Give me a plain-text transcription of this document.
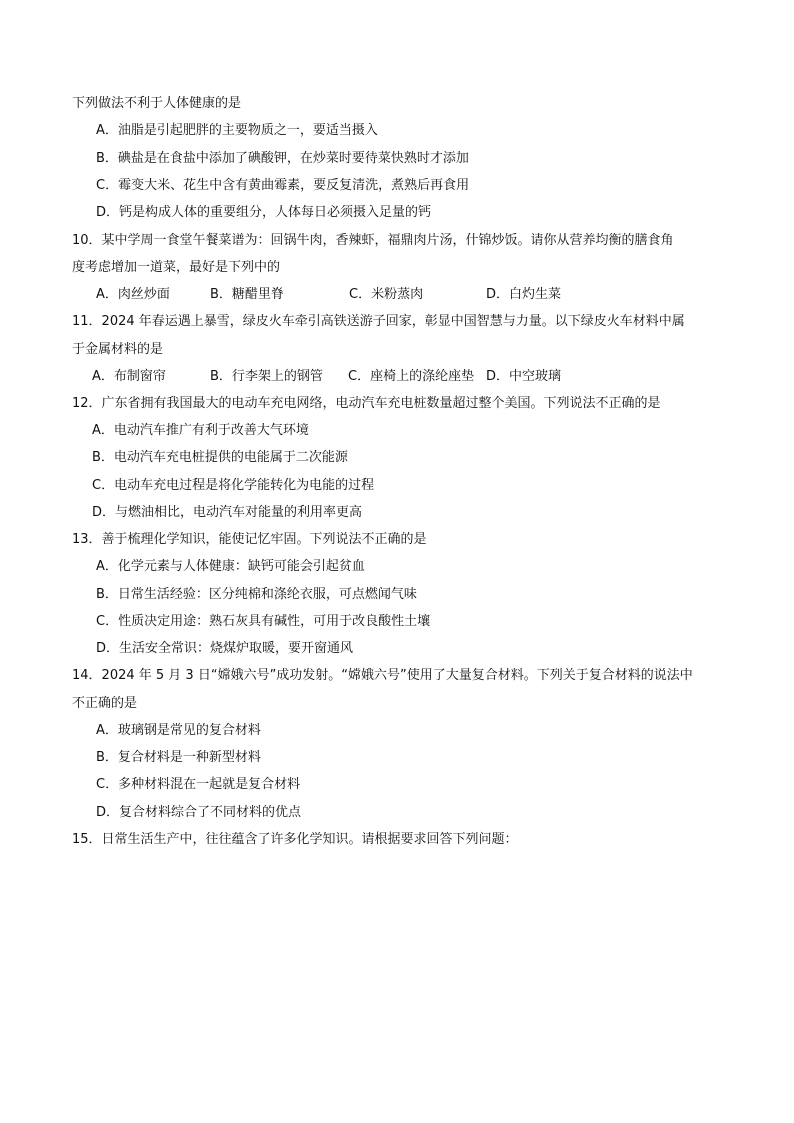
下列做法不利于人体健康的是
A．油脂是引起肥胖的主要物质之一，要适当摄入
B．碘盐是在食盐中添加了碘酸钾，在炒菜时要待菜快熟时才添加
C．霉变大米、花生中含有黄曲霉素，要反复清洗，煮熟后再食用
D．钙是构成人体的重要组分，人体每日必须摄入足量的钙
10．某中学周一食堂午餐菜谱为：回锅牛肉，香辣虾，福鼎肉片汤，什锦炒饭。请你从营养均衡的膳食角
度考虑增加一道菜，最好是下列中的
A．肉丝炒面	B．糖醋里脊	C．米粉蒸肉	D．白灼生菜
11．2024 年春运遇上暴雪，绿皮火车牵引高铁送游子回家，彰显中国智慧与力量。以下绿皮火车材料中属
于金属材料的是
A．布制窗帘	B．行李架上的钢管 C．座椅上的涤纶座垫 D．中空玻璃
12．广东省拥有我国最大的电动车充电网络，电动汽车充电桩数量超过整个美国。下列说法不正确的是
A．电动汽车推广有利于改善大气环境
B．电动汽车充电桩提供的电能属于二次能源
C．电动车充电过程是将化学能转化为电能的过程
D．与燃油相比，电动汽车对能量的利用率更高
13．善于梳理化学知识，能使记忆牢固。下列说法不正确的是
A．化学元素与人体健康：缺钙可能会引起贫血
B．日常生活经验：区分纯棉和涤纶衣服，可点燃闻气味
C．性质决定用途：熟石灰具有碱性，可用于改良酸性土壤
D．生活安全常识：烧煤炉取暖，要开窗通风
14．2024 年 5 月 3 日“嫦娥六号”成功发射。“嫦娥六号”使用了大量复合材料。下列关于复合材料的说法中
不正确的是
A．玻璃钢是常见的复合材料
B．复合材料是一种新型材料
C．多种材料混在一起就是复合材料
D．复合材料综合了不同材料的优点
15．日常生活生产中，往往蕴含了许多化学知识。请根据要求回答下列问题：
